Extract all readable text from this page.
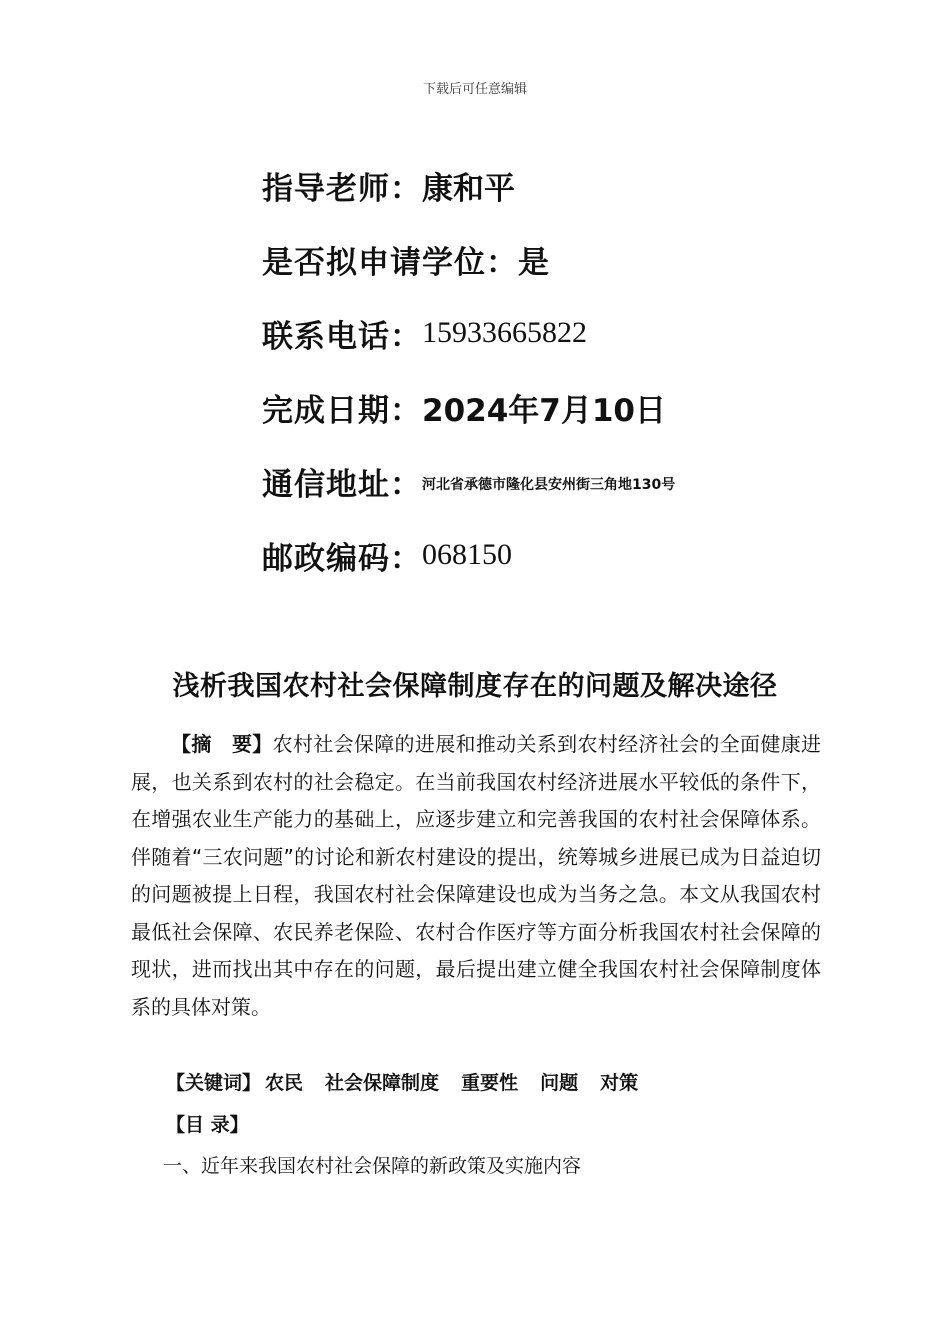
下载后可任意编辑
指导老师： 康和平
是否拟申请学位： 是
联系电话： 15933665822
完成日期： 2024年7月10日
通信地址： 河北省承德市隆化县安州街三角地130号
邮政编码： 068150
浅析我国农村社会保障制度存在的问题及解决途径

【摘　要】农村社会保障的进展和推动关系到农村经济社会的全面健康进展，也关系到农村的社会稳定。在当前我国农村经济进展水平较低的条件下，在增强农业生产能力的基础上，应逐步建立和完善我国的农村社会保障体系。伴随着“三农问题”的讨论和新农村建设的提出，统筹城乡进展已成为日益迫切的问题被提上日程，我国农村社会保障建设也成为当务之急。本文从我国农村最低社会保障、农民养老保险、农村合作医疗等方面分析我国农村社会保障的现状，进而找出其中存在的问题，最后提出建立健全我国农村社会保障制度体系的具体对策。

【关键词】 农民 社会保障制度 重要性 问题 对策
【目 录】
一、近年来我国农村社会保障的新政策及实施内容
